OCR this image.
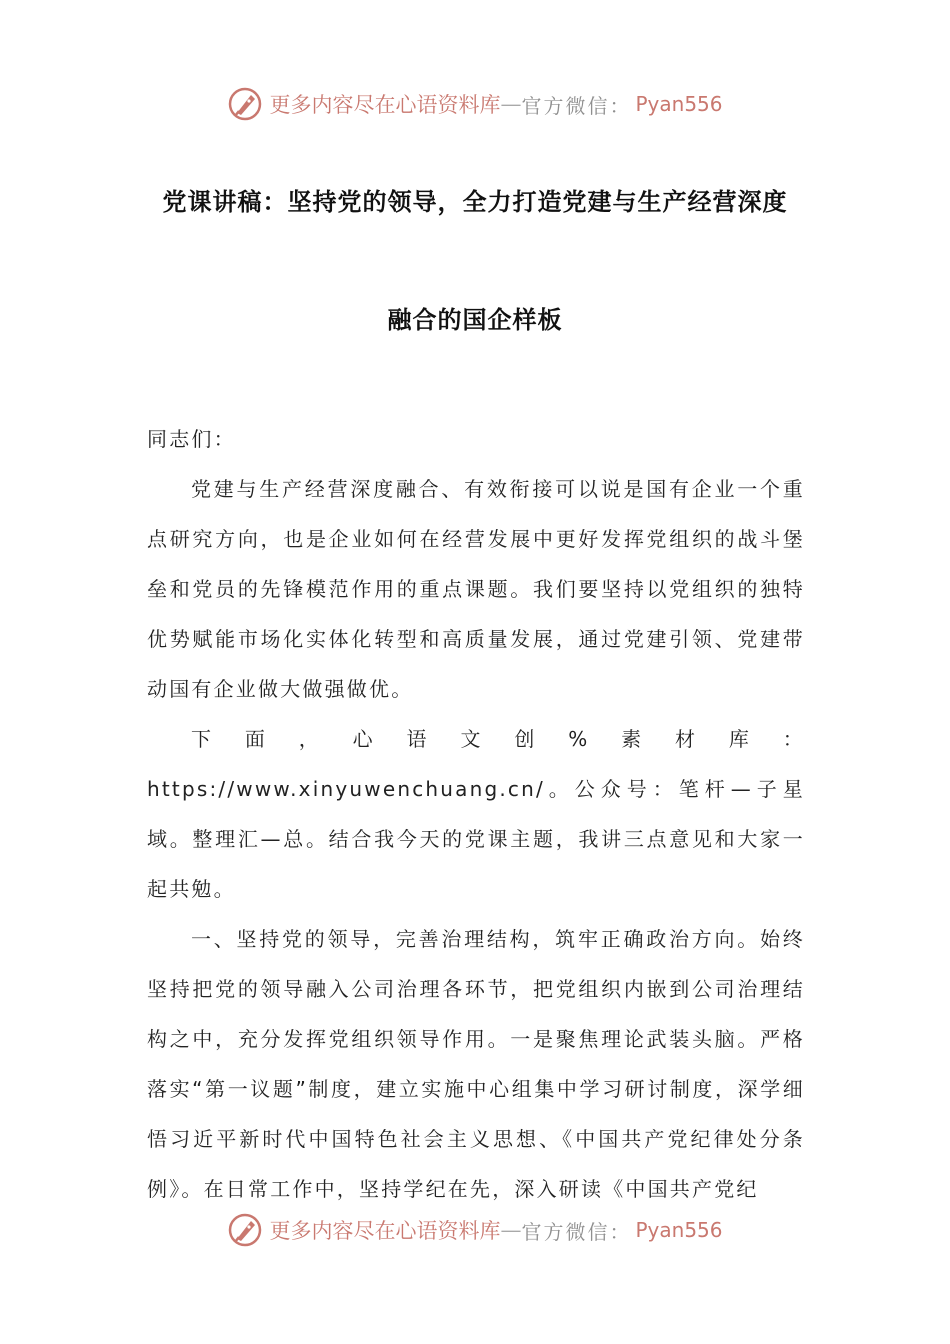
更多内容尽在心语资料库 — 官方微信： Pyan556
党课讲稿：坚持党的领导，全力打造党建与生产经营深度
融合的国企样板

同志们：

党建与生产经营深度融合、有效衔接可以说是国有企业一个重点研究方向，也是企业如何在经营发展中更好发挥党组织的战斗堡垒和党员的先锋模范作用的重点课题。我们要坚持以党组织的独特优势赋能市场化实体化转型和高质量发展，通过党建引领、党建带动国有企业做大做强做优。

下面，心语文创%素材库：https://www.xinyuwenchuang.cn/。公众号：笔杆—子星域。整理汇—总。结合我今天的党课主题，我讲三点意见和大家一起共勉。

一、坚持党的领导，完善治理结构，筑牢正确政治方向。始终坚持把党的领导融入公司治理各环节，把党组织内嵌到公司治理结构之中，充分发挥党组织领导作用。一是聚焦理论武装头脑。严格落实“第一议题”制度，建立实施中心组集中学习研讨制度，深学细悟习近平新时代中国特色社会主义思想、《中国共产党纪律处分条例》。在日常工作中，坚持学纪在先，深入研读《中国共产党纪

更多内容尽在心语资料库 — 官方微信： Pyan556
